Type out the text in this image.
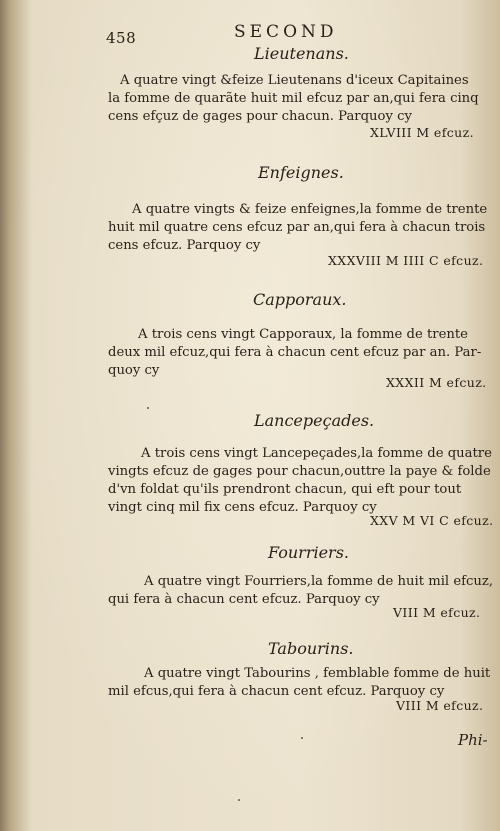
458	SECOND
Lieutenans.

A quatre vingt &feize Lieutenans d'iceux Capitaines

la fomme de quarãte huit mil efcuz par an,qui fera cinq

cens efçuz de gages pour chacun. Parquoy cy

XLVIII M efcuz.
Enfeignes.

A quatre vingts & feize enfeignes,la fomme de trente

huit mil quatre cens efcuz par an,qui fera à chacun trois

cens efcuz. Parquoy cy

XXXVIII M IIII C efcuz.
Capporaux.

A trois cens vingt Capporaux, la fomme de trente

deux mil efcuz,qui fera à chacun cent efcuz par an. Par-

quoy cy

XXXII M efcuz.
Lancepeçades.

A trois cens vingt Lancepeçades,la fomme de quatre

vingts efcuz de gages pour chacun,outtre la paye & folde

d'vn foldat qu'ils prendront chacun, qui eft pour tout

vingt cinq mil fix cens efcuz. Parquoy cy

XXV M VI C efcuz.
Fourriers.

A quatre vingt Fourriers,la fomme de huit mil efcuz,

qui fera à chacun cent efcuz. Parquoy cy

VIII M efcuz.
Tabourins.

A quatre vingt Tabourins , femblable fomme de huit

mil efcus,qui fera à chacun cent efcuz. Parquoy cy

VIII M efcuz.
Phi-
